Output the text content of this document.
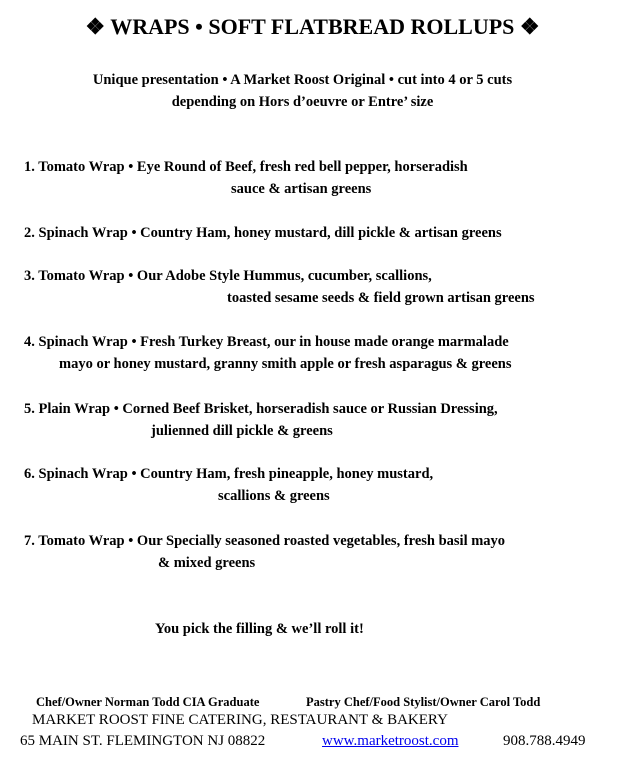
❖ WRAPS • SOFT FLATBREAD ROLLUPS ❖
Unique presentation • A Market Roost Original • cut into 4 or 5 cuts
depending on Hors d’oeuvre or Entre’ size
1. Tomato Wrap • Eye Round of Beef, fresh red bell pepper, horseradish
sauce & artisan greens
2. Spinach Wrap • Country Ham, honey mustard, dill pickle & artisan greens
3. Tomato Wrap • Our Adobe Style Hummus, cucumber, scallions,
toasted sesame seeds & field grown artisan greens
4. Spinach Wrap • Fresh Turkey Breast, our in house made orange marmalade
mayo or honey mustard, granny smith apple or fresh asparagus & greens
5. Plain Wrap • Corned Beef Brisket, horseradish sauce or Russian Dressing,
julienned dill pickle & greens
6. Spinach Wrap • Country Ham, fresh pineapple, honey mustard,
scallions & greens
7. Tomato Wrap • Our Specially seasoned roasted vegetables, fresh basil mayo
& mixed greens
You pick the filling & we’ll roll it!
Chef/Owner Norman Todd CIA Graduate	Pastry Chef/Food Stylist/Owner Carol Todd
MARKET ROOST FINE CATERING, RESTAURANT & BAKERY
65 MAIN ST. FLEMINGTON NJ 08822	www.marketroost.com	908.788.4949
